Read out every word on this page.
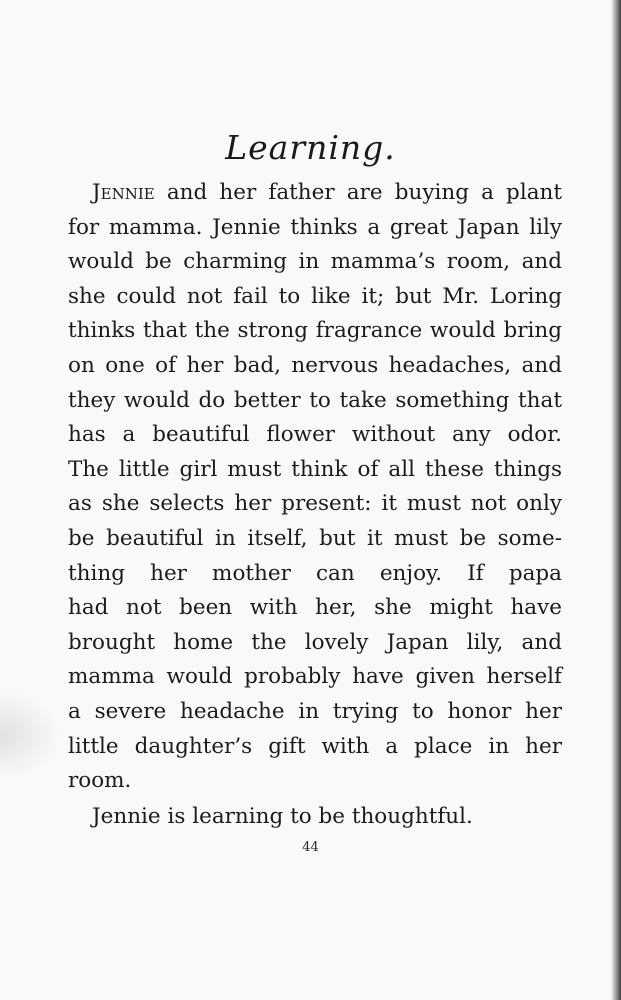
Learning.
Jennie and her father are buying a plant
for mamma. Jennie thinks a great Japan lily
would be charming in mamma’s room, and
she could not fail to like it; but Mr. Loring
thinks that the strong fragrance would bring
on one of her bad, nervous headaches, and
they would do better to take something that
has a beautiful flower without any odor.
The little girl must think of all these things
as she selects her present: it must not only
be beautiful in itself, but it must be some-
thing her mother can enjoy. If papa
had not been with her, she might have
brought home the lovely Japan lily, and
mamma would probably have given herself
a severe headache in trying to honor her
little daughter’s gift with a place in her
room.
Jennie is learning to be thoughtful.
44
